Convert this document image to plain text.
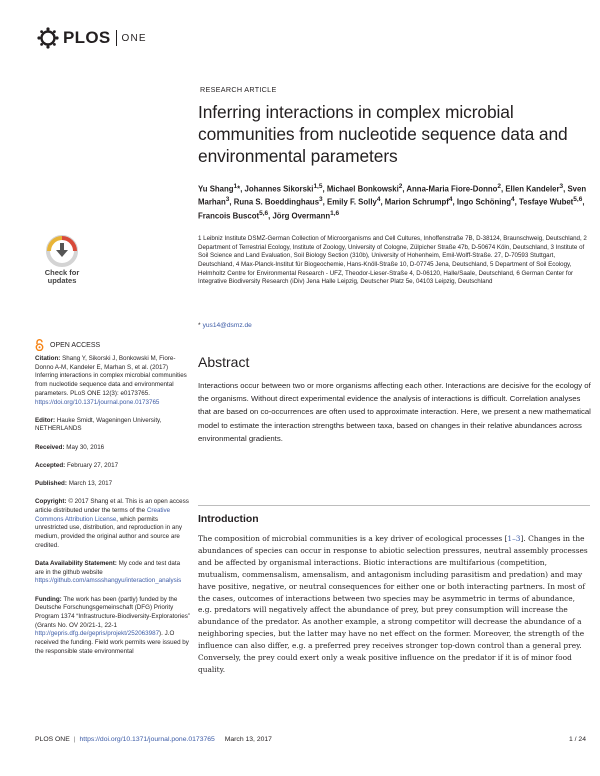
PLOS ONE
RESEARCH ARTICLE
Inferring interactions in complex microbial communities from nucleotide sequence data and environmental parameters
Yu Shang$^1$*, Johannes Sikorski$^{1,5}$, Michael Bonkowski$^2$, Anna-Maria Fiore-Donno$^2$, Ellen Kandeler$^3$, Sven Marhan$^3$, Runa S. Boeddinghaus$^3$, Emily F. Solly$^4$, Marion Schrumpf$^4$, Ingo Schöning$^4$, Tesfaye Wubet$^{5,6}$, Francois Buscot$^{5,6}$, Jörg Overmann$^{1,6}$
1 Leibniz Institute DSMZ-German Collection of Microorganisms and Cell Cultures, Inhoffenstraße 7B, D-38124, Braunschweig, Deutschland, 2 Department of Terrestrial Ecology, Institute of Zoology, University of Cologne, Zülpicher Straße 47b, D-50674 Köln, Deutschland, 3 Institute of Soil Science and Land Evaluation, Soil Biology Section (310b), University of Hohenheim, Emil-Wolff-Straße. 27, D-70593 Stuttgart, Deutschland, 4 Max-Planck-Institut für Biogeochemie, Hans-Knöll-Straße 10, D-07745 Jena, Deutschland, 5 Department of Soil Ecology, Helmholtz Centre for Environmental Research - UFZ, Theodor-Lieser-Straße 4, D-06120, Halle/Saale, Deutschland, 6 German Center for Integrative Biodiversity Research (iDiv) Jena Halle Leipzig, Deutscher Platz 5e, 04103 Leipzig, Deutschland
* yus14@dsmz.de
Check for
updates
OPEN ACCESS

Citation: Shang Y, Sikorski J, Bonkowski M, Fiore-Donno A-M, Kandeler E, Marhan S, et al. (2017) Inferring interactions in complex microbial communities from nucleotide sequence data and environmental parameters. PLoS ONE 12(3): e0173765. https://doi.org/10.1371/journal.pone.0173765

Editor: Hauke Smidt, Wageningen University, NETHERLANDS

Received: May 30, 2016

Accepted: February 27, 2017

Published: March 13, 2017

Copyright: © 2017 Shang et al. This is an open access article distributed under the terms of the Creative Commons Attribution License, which permits unrestricted use, distribution, and reproduction in any medium, provided the original author and source are credited.

Data Availability Statement: My code and test data are in the github website https://github.com/amssshangyu/interaction_analysis

Funding: The work has been (partly) funded by the Deutsche Forschungsgemeinschaft (DFG) Priority Program 1374 “Infrastructure-Biodiversity-Exploratories” (Grants No. OV 20/21-1, 22-1 http://gepris.dfg.de/gepris/projekt/252063987). J.O received the funding. Field work permits were issued by the responsible state environmental

Abstract
Interactions occur between two or more organisms affecting each other. Interactions are decisive for the ecology of the organisms. Without direct experimental evidence the analysis of interactions is difficult. Correlation analyses that are based on co-occurrences are often used to approximate interaction. Here, we present a new mathematical model to estimate the interaction strengths between taxa, based on changes in their relative abundances across environmental gradients.
Introduction
The composition of microbial communities is a key driver of ecological processes [1–3]. Changes in the abundances of species can occur in response to abiotic selection pressures, neutral assembly processes and be affected by organismal interactions. Biotic interactions are multifarious (competition, mutualism, commensalism, amensalism, and antagonism including parasitism and predation) and may have positive, negative, or neutral consequences for either one or both interacting partners. In most of the cases, outcomes of interactions between two species may be asymmetric in terms of abundance, e.g. predators will negatively affect the abundance of prey, but prey consumption will increase the abundance of the predator. As another example, a strong competitor will decrease the abundance of a neighboring species, but the latter may have no net effect on the former. Moreover, the strength of the influence can also differ, e.g. a preferred prey receives stronger top-down control than a general prey. Conversely, the prey could exert only a weak positive influence on the predator if it is of minor food quality.
PLOS ONE | https://doi.org/10.1371/journal.pone.0173765 March 13, 2017	1 / 24
